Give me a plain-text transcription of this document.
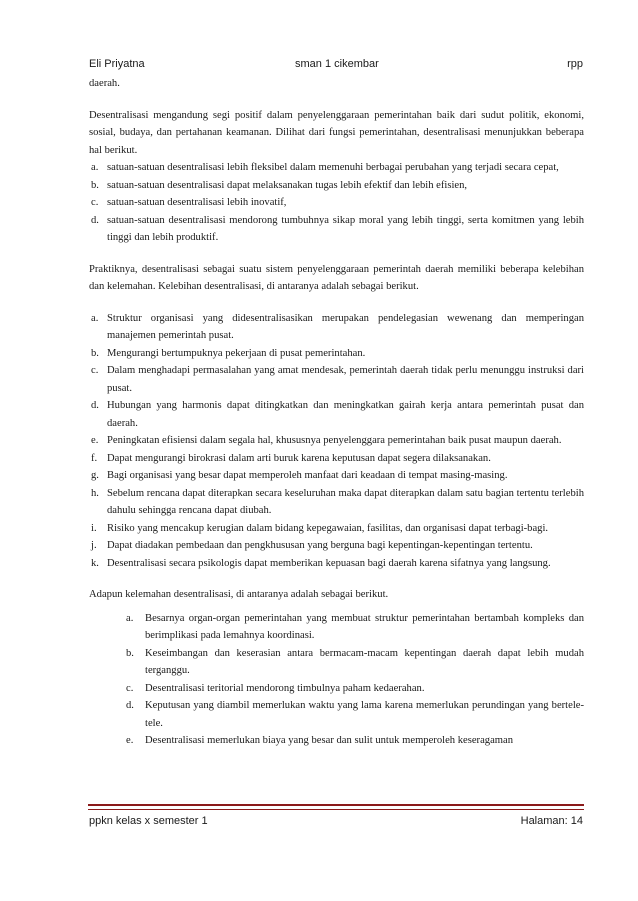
Eli Priyatna	sman 1 cikembar	rpp

daerah.

Desentralisasi mengandung segi positif dalam penyelenggaraan pemerintahan baik dari sudut politik, ekonomi, sosial, budaya, dan pertahanan keamanan. Dilihat dari fungsi pemerintahan, desentralisasi menunjukkan beberapa hal berikut.

a. satuan-satuan desentralisasi lebih fleksibel dalam memenuhi berbagai perubahan yang terjadi secara cepat,
b. satuan-satuan desentralisasi dapat melaksanakan tugas lebih efektif dan lebih efisien,
c. satuan-satuan desentralisasi lebih inovatif,
d. satuan-satuan desentralisasi mendorong tumbuhnya sikap moral yang lebih tinggi, serta komitmen yang lebih tinggi dan lebih produktif.

Praktiknya, desentralisasi sebagai suatu sistem penyelenggaraan pemerintah daerah memiliki beberapa kelebihan dan kelemahan. Kelebihan desentralisasi, di antaranya adalah sebagai berikut.

a. Struktur organisasi yang didesentralisasikan merupakan pendelegasian wewenang dan memperingan manajemen pemerintah pusat.
b. Mengurangi bertumpuknya pekerjaan di pusat pemerintahan.
c. Dalam menghadapi permasalahan yang amat mendesak, pemerintah daerah tidak perlu menunggu instruksi dari pusat.
d. Hubungan yang harmonis dapat ditingkatkan dan meningkatkan gairah kerja antara pemerintah pusat dan daerah.
e. Peningkatan efisiensi dalam segala hal, khususnya penyelenggara pemerintahan baik pusat maupun daerah.
f. Dapat mengurangi birokrasi dalam arti buruk karena keputusan dapat segera dilaksanakan.
g. Bagi organisasi yang besar dapat memperoleh manfaat dari keadaan di tempat masing-masing.
h. Sebelum rencana dapat diterapkan secara keseluruhan maka dapat diterapkan dalam satu bagian tertentu terlebih dahulu sehingga rencana dapat diubah.
i. Risiko yang mencakup kerugian dalam bidang kepegawaian, fasilitas, dan organisasi dapat terbagi-bagi.
j. Dapat diadakan pembedaan dan pengkhususan yang berguna bagi kepentingan-kepentingan tertentu.
k. Desentralisasi secara psikologis dapat memberikan kepuasan bagi daerah karena sifatnya yang langsung.

Adapun kelemahan desentralisasi, di antaranya adalah sebagai berikut.

a.	Besarnya organ-organ pemerintahan yang membuat struktur pemerintahan bertambah kompleks dan berimplikasi pada lemahnya koordinasi.
b.	Keseimbangan dan keserasian antara bermacam-macam kepentingan daerah dapat lebih mudah terganggu.
c.	Desentralisasi teritorial mendorong timbulnya paham kedaerahan.
d.	Keputusan yang diambil memerlukan waktu yang lama karena memerlukan perundingan yang bertele-tele.
e.	Desentralisasi memerlukan biaya yang besar dan sulit untuk memperoleh keseragaman
ppkn kelas x semester 1	Halaman: 14
